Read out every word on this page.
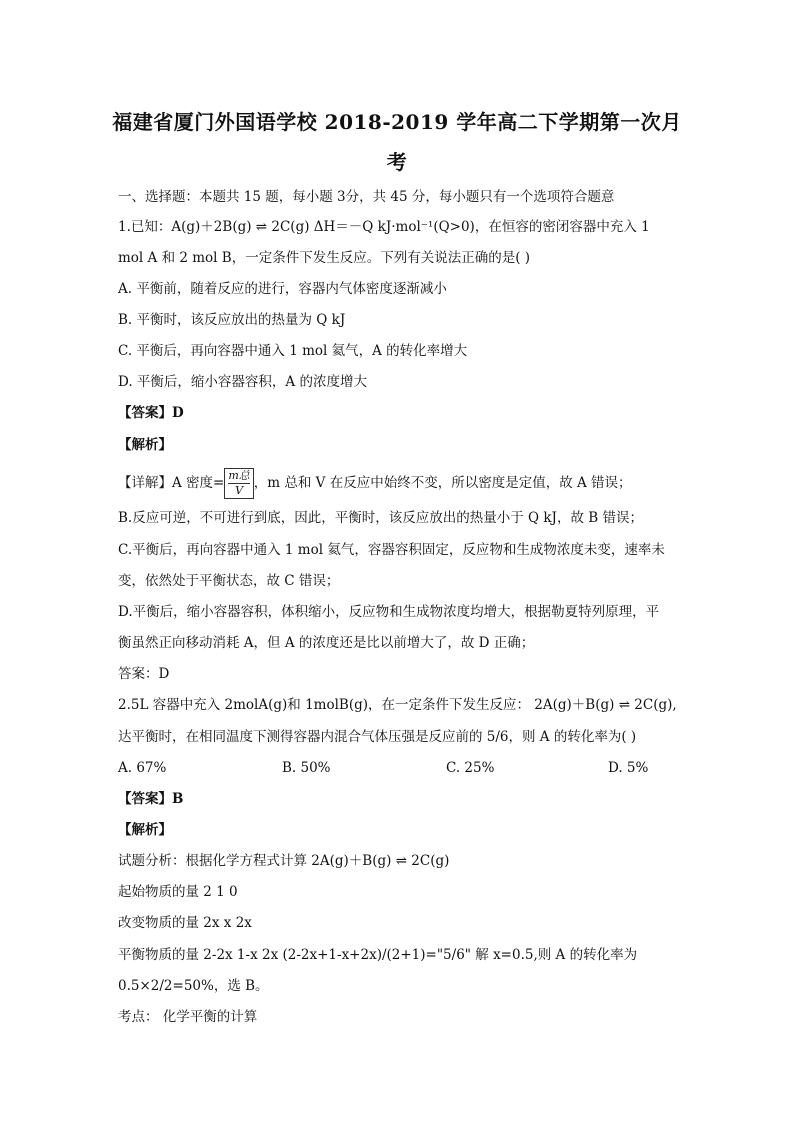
福建省厦门外国语学校 2018-2019 学年高二下学期第一次月
考
一、选择题：本题共 15 题，每小题 3分，共 45 分，每小题只有一个选项符合题意
1.已知：A(g)＋2B(g) ⇌ 2C(g) ΔH＝－Q kJ·mol⁻¹(Q>0)，在恒容的密闭容器中充入 1
mol A 和 2 mol B，一定条件下发生反应。下列有关说法正确的是( )
A. 平衡前，随着反应的进行，容器内气体密度逐渐减小
B. 平衡时，该反应放出的热量为 Q kJ
C. 平衡后，再向容器中通入 1 mol 氦气，A 的转化率增大
D. 平衡后，缩小容器容积，A 的浓度增大
【答案】D
【解析】
【详解】A 密度= $\frac{\text{m总}}{V}$ ，m 总和 V 在反应中始终不变，所以密度是定值，故 A 错误；
B.反应可逆，不可进行到底，因此，平衡时，该反应放出的热量小于 Q kJ，故 B 错误；
C.平衡后，再向容器中通入 1 mol 氦气，容器容积固定，反应物和生成物浓度未变，速率未
变，依然处于平衡状态，故 C 错误；
D.平衡后，缩小容器容积，体积缩小，反应物和生成物浓度均增大，根据勒夏特列原理，平
衡虽然正向移动消耗 A，但 A 的浓度还是比以前增大了，故 D 正确；
答案：D
2.5L 容器中充入 2molA(g)和 1molB(g)，在一定条件下发生反应： 2A(g)＋B(g) ⇌ 2C(g),
达平衡时，在相同温度下测得容器内混合气体压强是反应前的 5/6，则 A 的转化率为( )
A. 67%	B. 50%	C. 25%	D. 5%
【答案】B
【解析】
试题分析：根据化学方程式计算 2A(g)＋B(g) ⇌ 2C(g)
起始物质的量 2 1 0
改变物质的量 2x x 2x
平衡物质的量 2-2x 1-x 2x (2-2x+1-x+2x)/(2+1)="5/6" 解 x=0.5,则 A 的转化率为
0.5×2/2=50%，选 B。
考点： 化学平衡的计算
